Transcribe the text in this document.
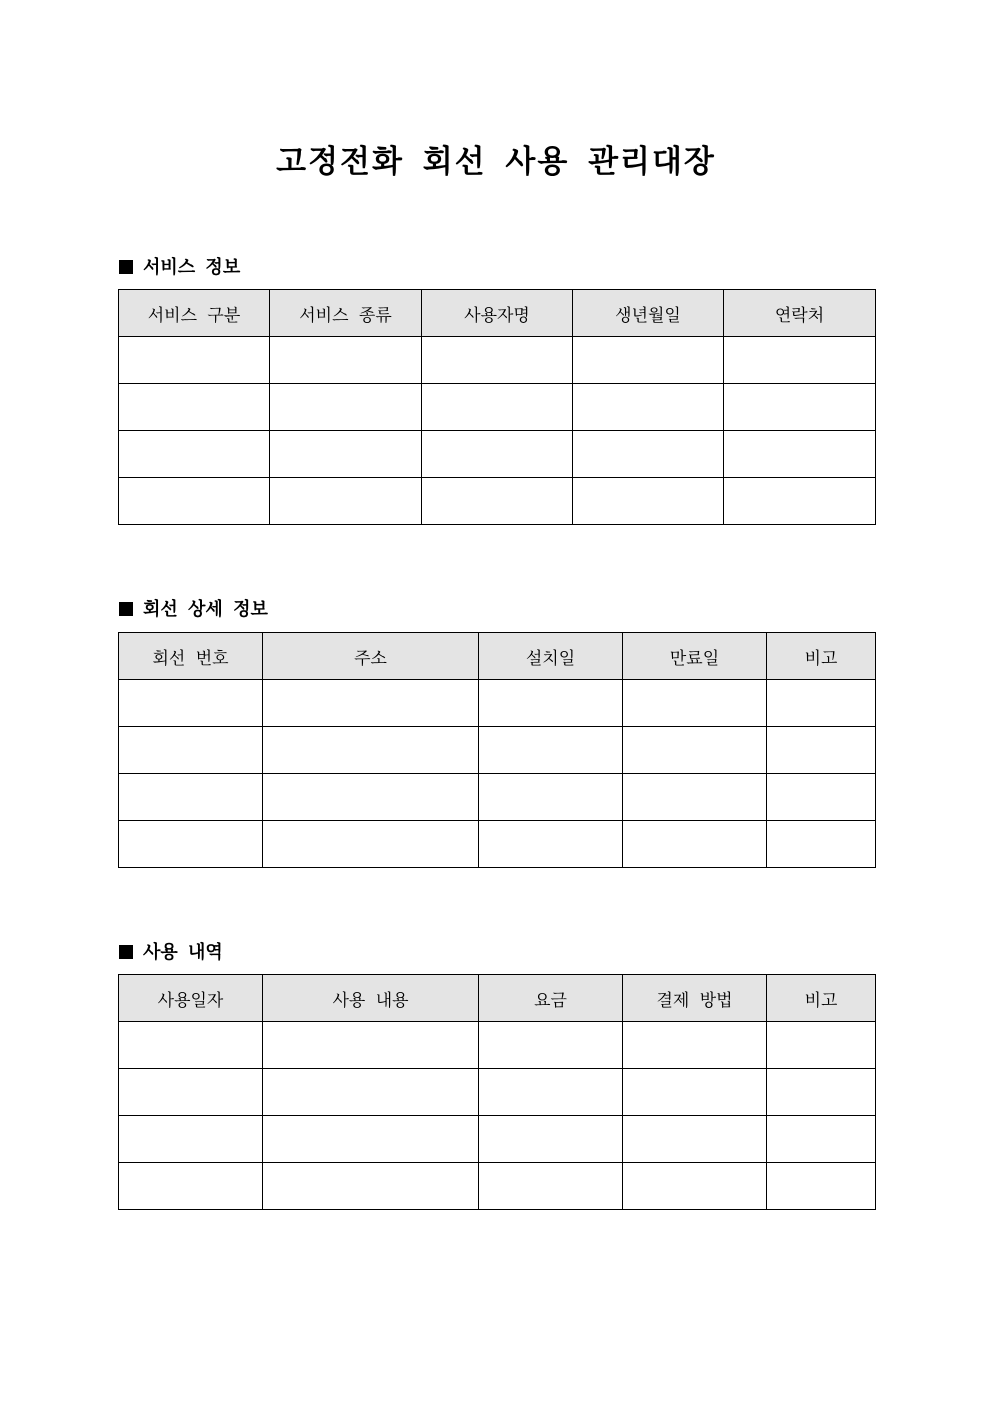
고정전화 회선 사용 관리대장
서비스 정보
서비스 구분	서비스 종류	사용자명	생년월일	연락처

회선 상세 정보
회선 번호	주소	설치일	만료일	비고

사용 내역
사용일자	사용 내용	요금	결제 방법	비고
